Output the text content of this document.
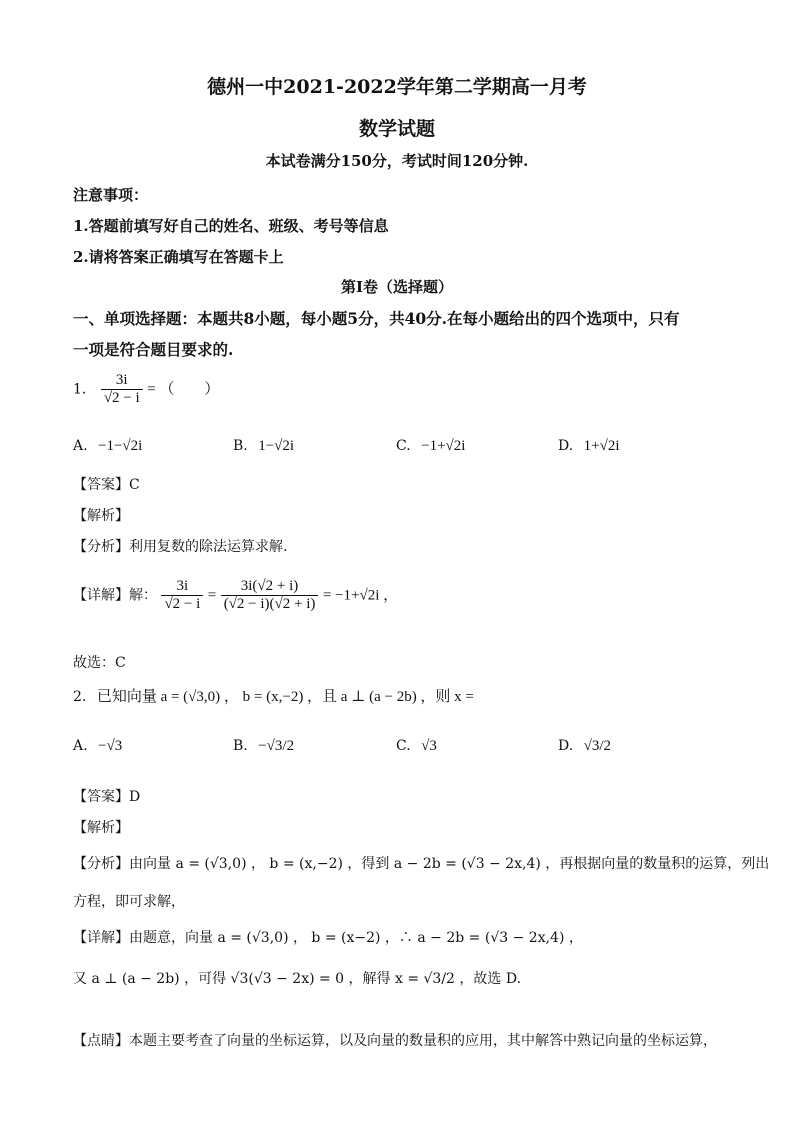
德州一中2021-2022学年第二学期高一月考
数学试题
本试卷满分150分，考试时间120分钟.
注意事项：
1.答题前填写好自己的姓名、班级、考号等信息
2.请将答案正确填写在答题卡上
第I卷（选择题）
一、单项选择题：本题共8小题，每小题5分，共40分.在每小题给出的四个选项中，只有
一项是符合题目要求的.
1. $\frac{3i}{√2 - i}$ = （　　）
A. −1−√2i	B. 1−√2i	C. −1+√2i	D. 1+√2i
【答案】C
【解析】
【分析】利用复数的除法运算求解.
【详解】解： $\frac{3i}{√2 - i} = \frac{3i(√2 + i)}{(√2 - i)(√2 + i)} = -1+√2i$ ，
故选：C
2. 已知向量 a = (√3,0) ， b = (x,−2) ，且 a ⊥ (a − 2b) ，则 x =
A. −√3	B. −√3/2	C. √3	D. √3/2
【答案】D
【解析】
【分析】由向量 a = (√3,0) ， b = (x,−2) ，得到 a − 2b = (√3 − 2x,4) ，再根据向量的数量积的运算，列出
方程，即可求解，
【详解】由题意，向量 a = (√3,0) ， b = (x−2) ，∴ a − 2b = (√3 − 2x,4) ，
又 a ⊥ (a − 2b) ，可得 √3(√3 − 2x) = 0 ，解得 x = √3/2 ，故选 D.
【点睛】本题主要考查了向量的坐标运算，以及向量的数量积的应用，其中解答中熟记向量的坐标运算，
